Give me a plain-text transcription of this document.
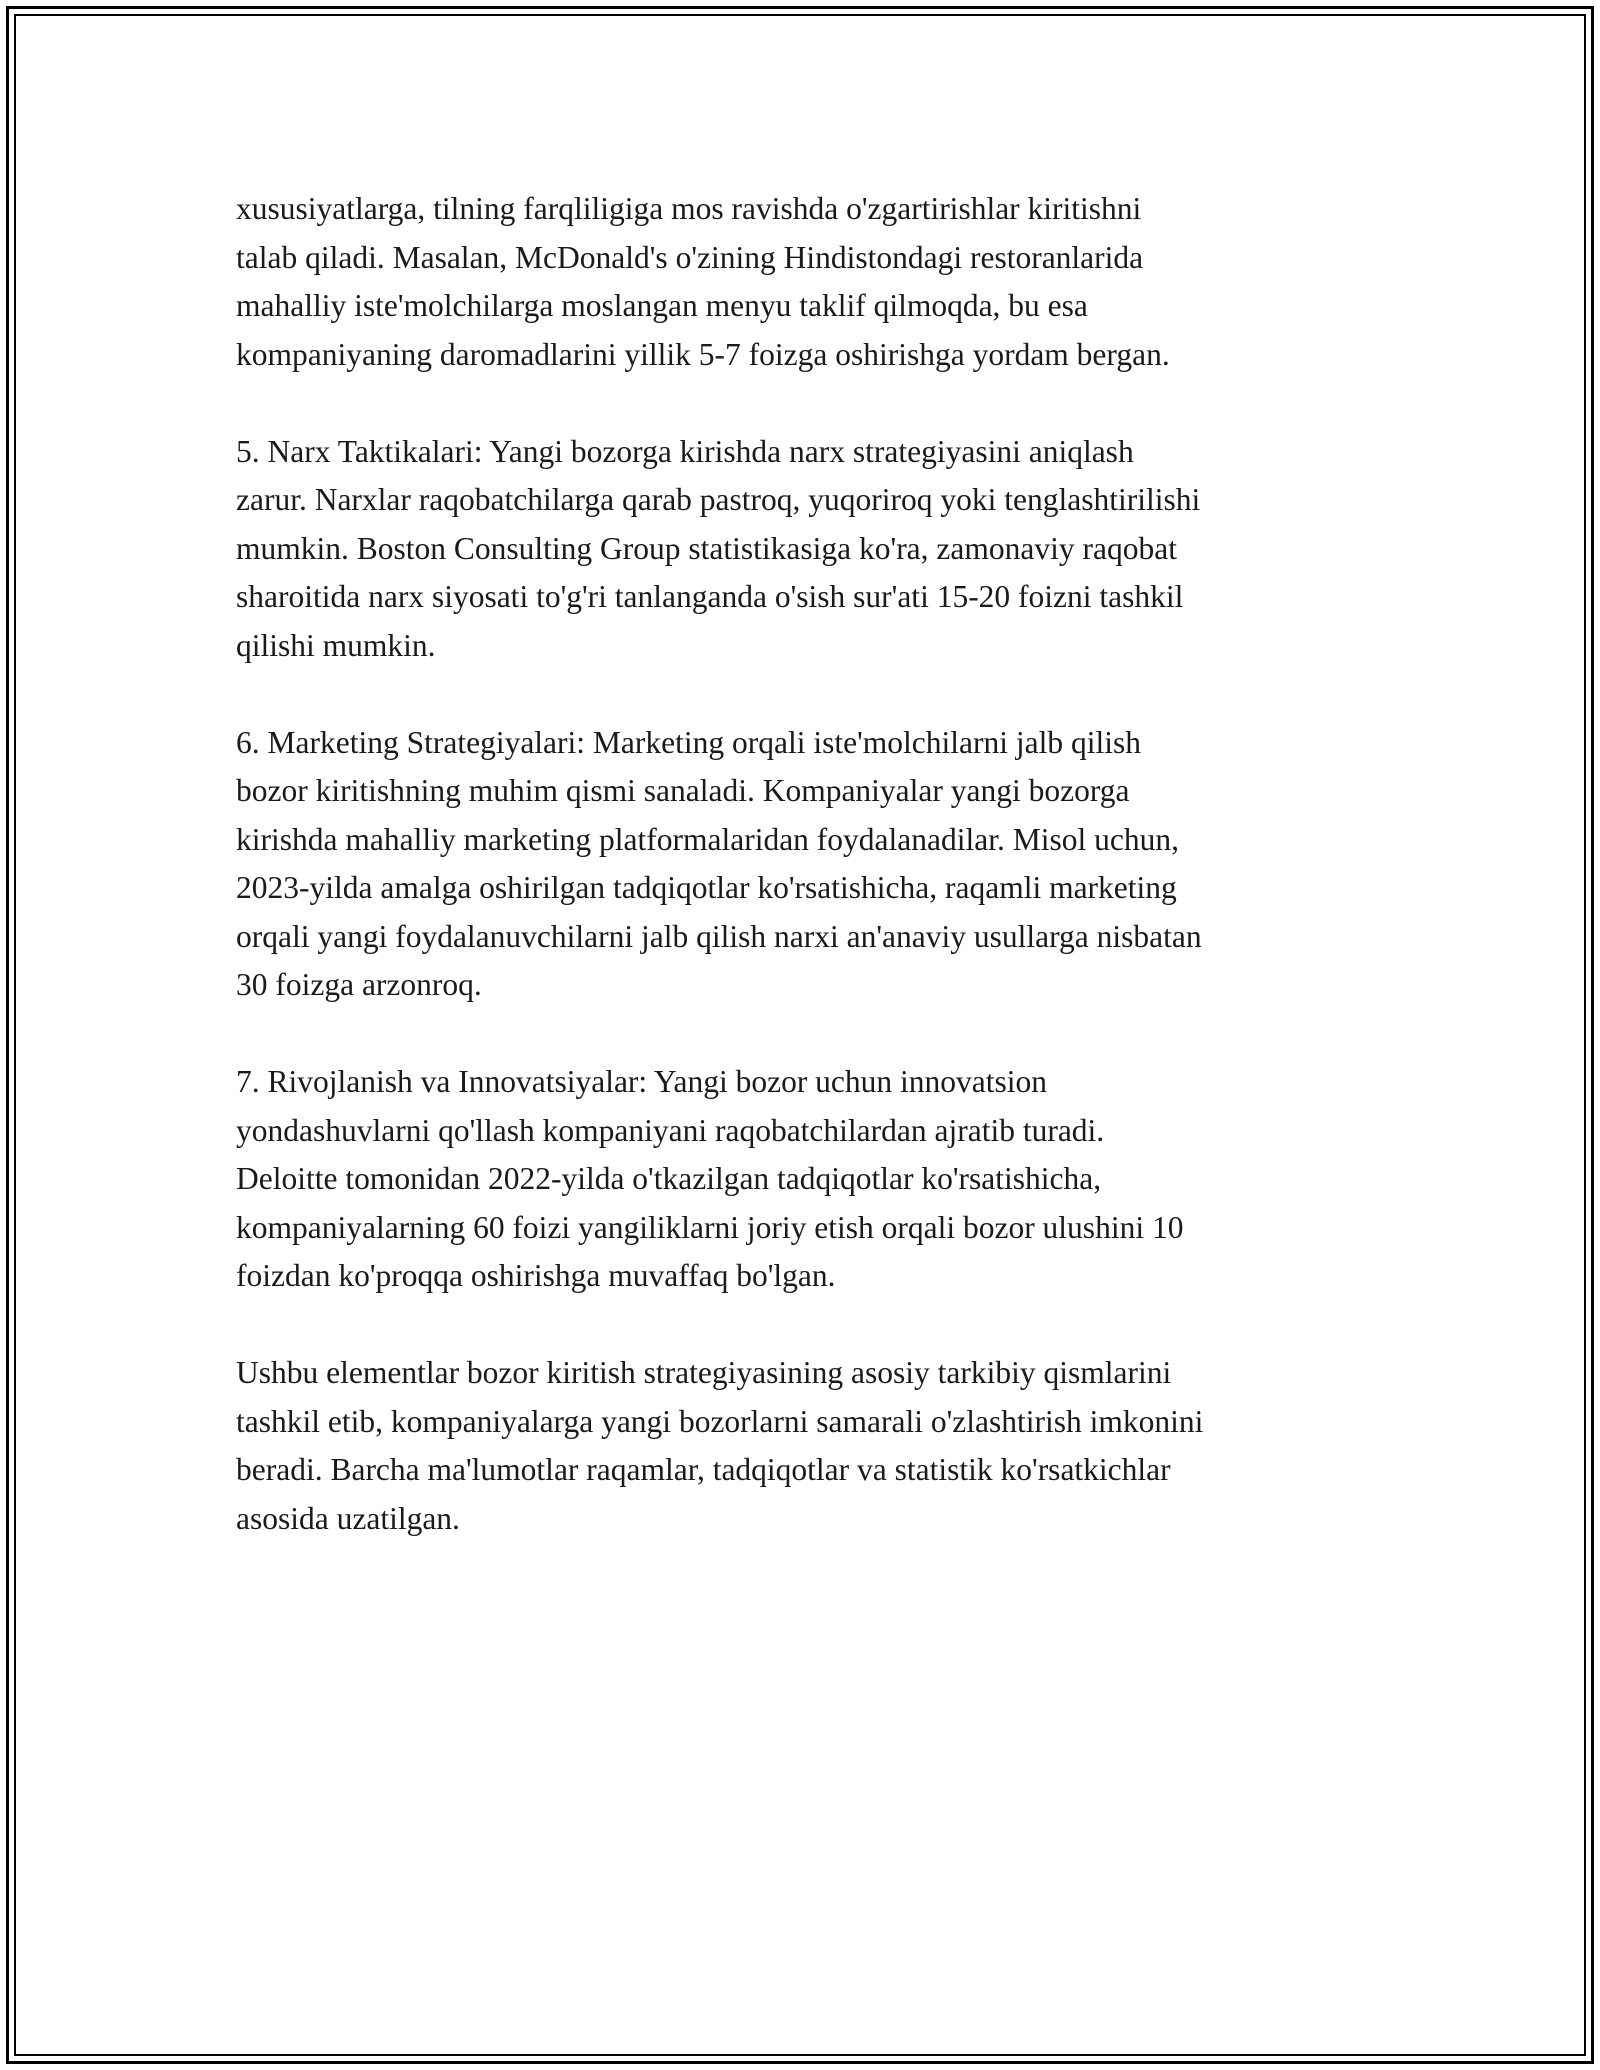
xususiyatlarga, tilning farqliligiga mos ravishda o'zgartirishlar kiritishni
talab qiladi. Masalan, McDonald's o'zining Hindistondagi restoranlarida
mahalliy iste'molchilarga moslangan menyu taklif qilmoqda, bu esa
kompaniyaning daromadlarini yillik 5-7 foizga oshirishga yordam bergan.

5. Narx Taktikalari: Yangi bozorga kirishda narx strategiyasini aniqlash
zarur. Narxlar raqobatchilarga qarab pastroq, yuqoriroq yoki tenglashtirilishi
mumkin. Boston Consulting Group statistikasiga ko'ra, zamonaviy raqobat
sharoitida narx siyosati to'g'ri tanlanganda o'sish sur'ati 15-20 foizni tashkil
qilishi mumkin.

6. Marketing Strategiyalari: Marketing orqali iste'molchilarni jalb qilish
bozor kiritishning muhim qismi sanaladi. Kompaniyalar yangi bozorga
kirishda mahalliy marketing platformalaridan foydalanadilar. Misol uchun,
2023-yilda amalga oshirilgan tadqiqotlar ko'rsatishicha, raqamli marketing
orqali yangi foydalanuvchilarni jalb qilish narxi an'anaviy usullarga nisbatan
30 foizga arzonroq.

7. Rivojlanish va Innovatsiyalar: Yangi bozor uchun innovatsion
yondashuvlarni qo'llash kompaniyani raqobatchilardan ajratib turadi.
Deloitte tomonidan 2022-yilda o'tkazilgan tadqiqotlar ko'rsatishicha,
kompaniyalarning 60 foizi yangiliklarni joriy etish orqali bozor ulushini 10
foizdan ko'proqqa oshirishga muvaffaq bo'lgan.

Ushbu elementlar bozor kiritish strategiyasining asosiy tarkibiy qismlarini
tashkil etib, kompaniyalarga yangi bozorlarni samarali o'zlashtirish imkonini
beradi. Barcha ma'lumotlar raqamlar, tadqiqotlar va statistik ko'rsatkichlar
asosida uzatilgan.
